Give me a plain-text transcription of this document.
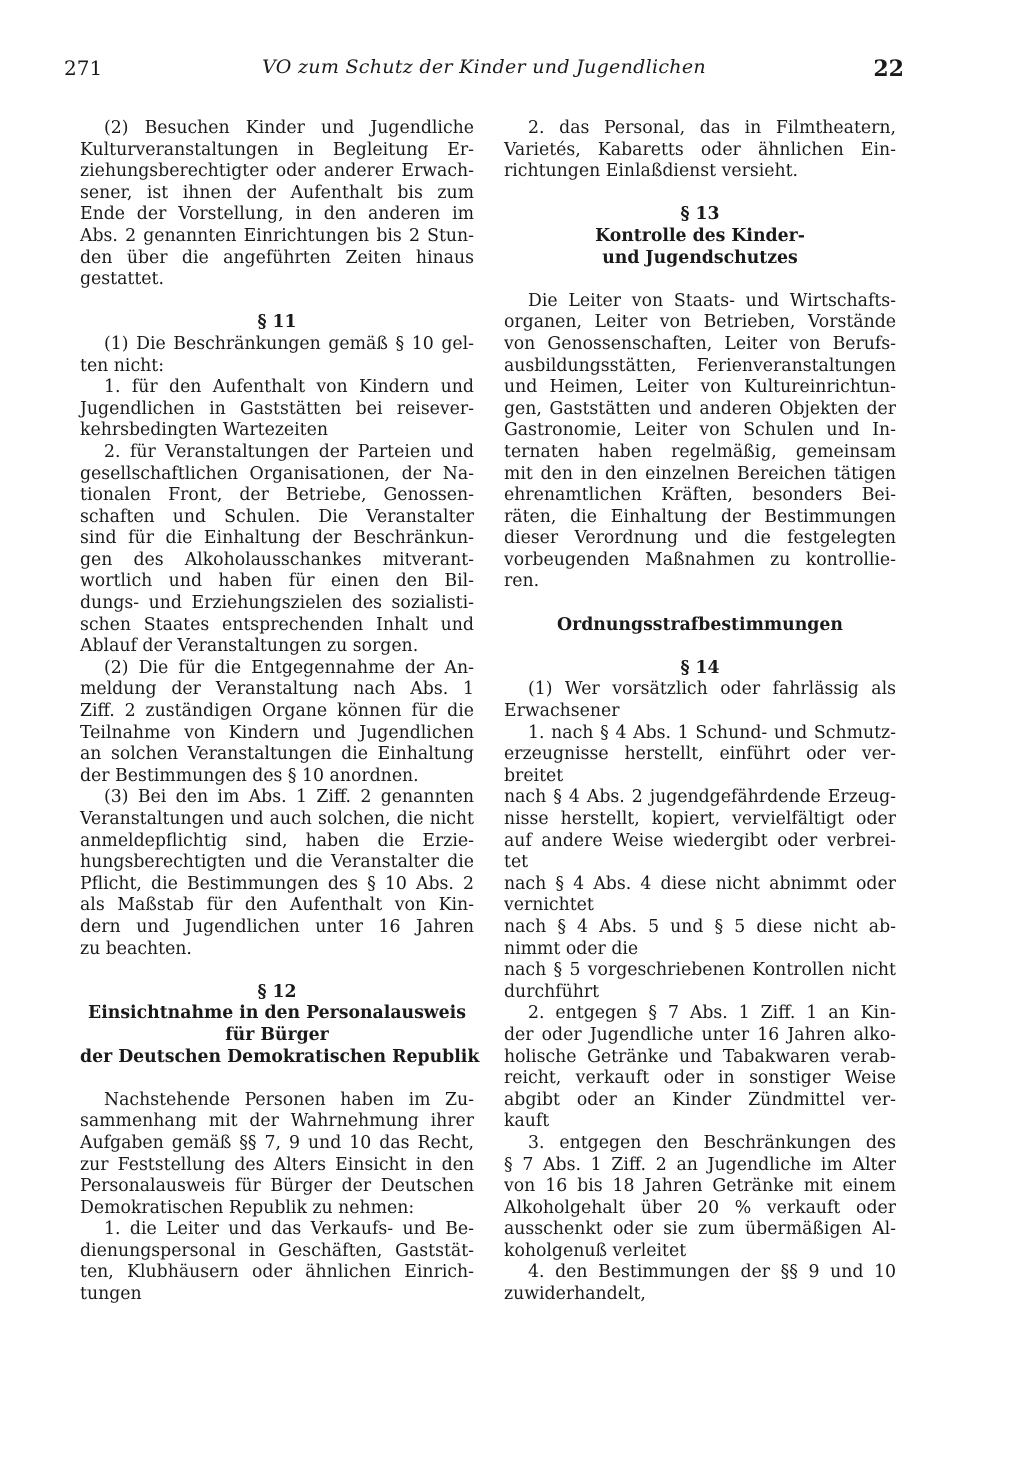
271	VO zum Schutz der Kinder und Jugendlichen	22
(2) Besuchen Kinder und Jugendliche
Kulturveranstaltungen in Begleitung Er-
ziehungsberechtigter oder anderer Erwach-
sener, ist ihnen der Aufenthalt bis zum
Ende der Vorstellung, in den anderen im
Abs. 2 genannten Einrichtungen bis 2 Stun-
den über die angeführten Zeiten hinaus
gestattet.
§ 11
(1) Die Beschränkungen gemäß § 10 gel-
ten nicht:
1. für den Aufenthalt von Kindern und
Jugendlichen in Gaststätten bei reisever-
kehrsbedingten Wartezeiten
2. für Veranstaltungen der Parteien und
gesellschaftlichen Organisationen, der Na-
tionalen Front, der Betriebe, Genossen-
schaften und Schulen. Die Veranstalter
sind für die Einhaltung der Beschränkun-
gen des Alkoholausschankes mitverant-
wortlich und haben für einen den Bil-
dungs- und Erziehungszielen des sozialisti-
schen Staates entsprechenden Inhalt und
Ablauf der Veranstaltungen zu sorgen.
(2) Die für die Entgegennahme der An-
meldung der Veranstaltung nach Abs. 1
Ziff. 2 zuständigen Organe können für die
Teilnahme von Kindern und Jugendlichen
an solchen Veranstaltungen die Einhaltung
der Bestimmungen des § 10 anordnen.
(3) Bei den im Abs. 1 Ziff. 2 genannten
Veranstaltungen und auch solchen, die nicht
anmeldepflichtig sind, haben die Erzie-
hungsberechtigten und die Veranstalter die
Pflicht, die Bestimmungen des § 10 Abs. 2
als Maßstab für den Aufenthalt von Kin-
dern und Jugendlichen unter 16 Jahren
zu beachten.
§ 12
Einsichtnahme in den Personalausweis
für Bürger
der Deutschen Demokratischen Republik
Nachstehende Personen haben im Zu-
sammenhang mit der Wahrnehmung ihrer
Aufgaben gemäß §§ 7, 9 und 10 das Recht,
zur Feststellung des Alters Einsicht in den
Personalausweis für Bürger der Deutschen
Demokratischen Republik zu nehmen:
1. die Leiter und das Verkaufs- und Be-
dienungspersonal in Geschäften, Gaststät-
ten, Klubhäusern oder ähnlichen Einrich-
tungen
2. das Personal, das in Filmtheatern,
Varietés, Kabaretts oder ähnlichen Ein-
richtungen Einlaßdienst versieht.
§ 13
Kontrolle des Kinder-
und Jugendschutzes
Die Leiter von Staats- und Wirtschafts-
organen, Leiter von Betrieben, Vorstände
von Genossenschaften, Leiter von Berufs-
ausbildungsstätten, Ferienveranstaltungen
und Heimen, Leiter von Kultureinrichtun-
gen, Gaststätten und anderen Objekten der
Gastronomie, Leiter von Schulen und In-
ternaten haben regelmäßig, gemeinsam
mit den in den einzelnen Bereichen tätigen
ehrenamtlichen Kräften, besonders Bei-
räten, die Einhaltung der Bestimmungen
dieser Verordnung und die festgelegten
vorbeugenden Maßnahmen zu kontrollie-
ren.
Ordnungsstrafbestimmungen
§ 14
(1) Wer vorsätzlich oder fahrlässig als
Erwachsener
1. nach § 4 Abs. 1 Schund- und Schmutz-
erzeugnisse herstellt, einführt oder ver-
breitet
nach § 4 Abs. 2 jugendgefährdende Erzeug-
nisse herstellt, kopiert, vervielfältigt oder
auf andere Weise wiedergibt oder verbrei-
tet
nach § 4 Abs. 4 diese nicht abnimmt oder
vernichtet
nach § 4 Abs. 5 und § 5 diese nicht ab-
nimmt oder die
nach § 5 vorgeschriebenen Kontrollen nicht
durchführt
2. entgegen § 7 Abs. 1 Ziff. 1 an Kin-
der oder Jugendliche unter 16 Jahren alko-
holische Getränke und Tabakwaren verab-
reicht, verkauft oder in sonstiger Weise
abgibt oder an Kinder Zündmittel ver-
kauft
3. entgegen den Beschränkungen des
§ 7 Abs. 1 Ziff. 2 an Jugendliche im Alter
von 16 bis 18 Jahren Getränke mit einem
Alkoholgehalt über 20 % verkauft oder
ausschenkt oder sie zum übermäßigen Al-
koholgenuß verleitet
4. den Bestimmungen der §§ 9 und 10
zuwiderhandelt,
